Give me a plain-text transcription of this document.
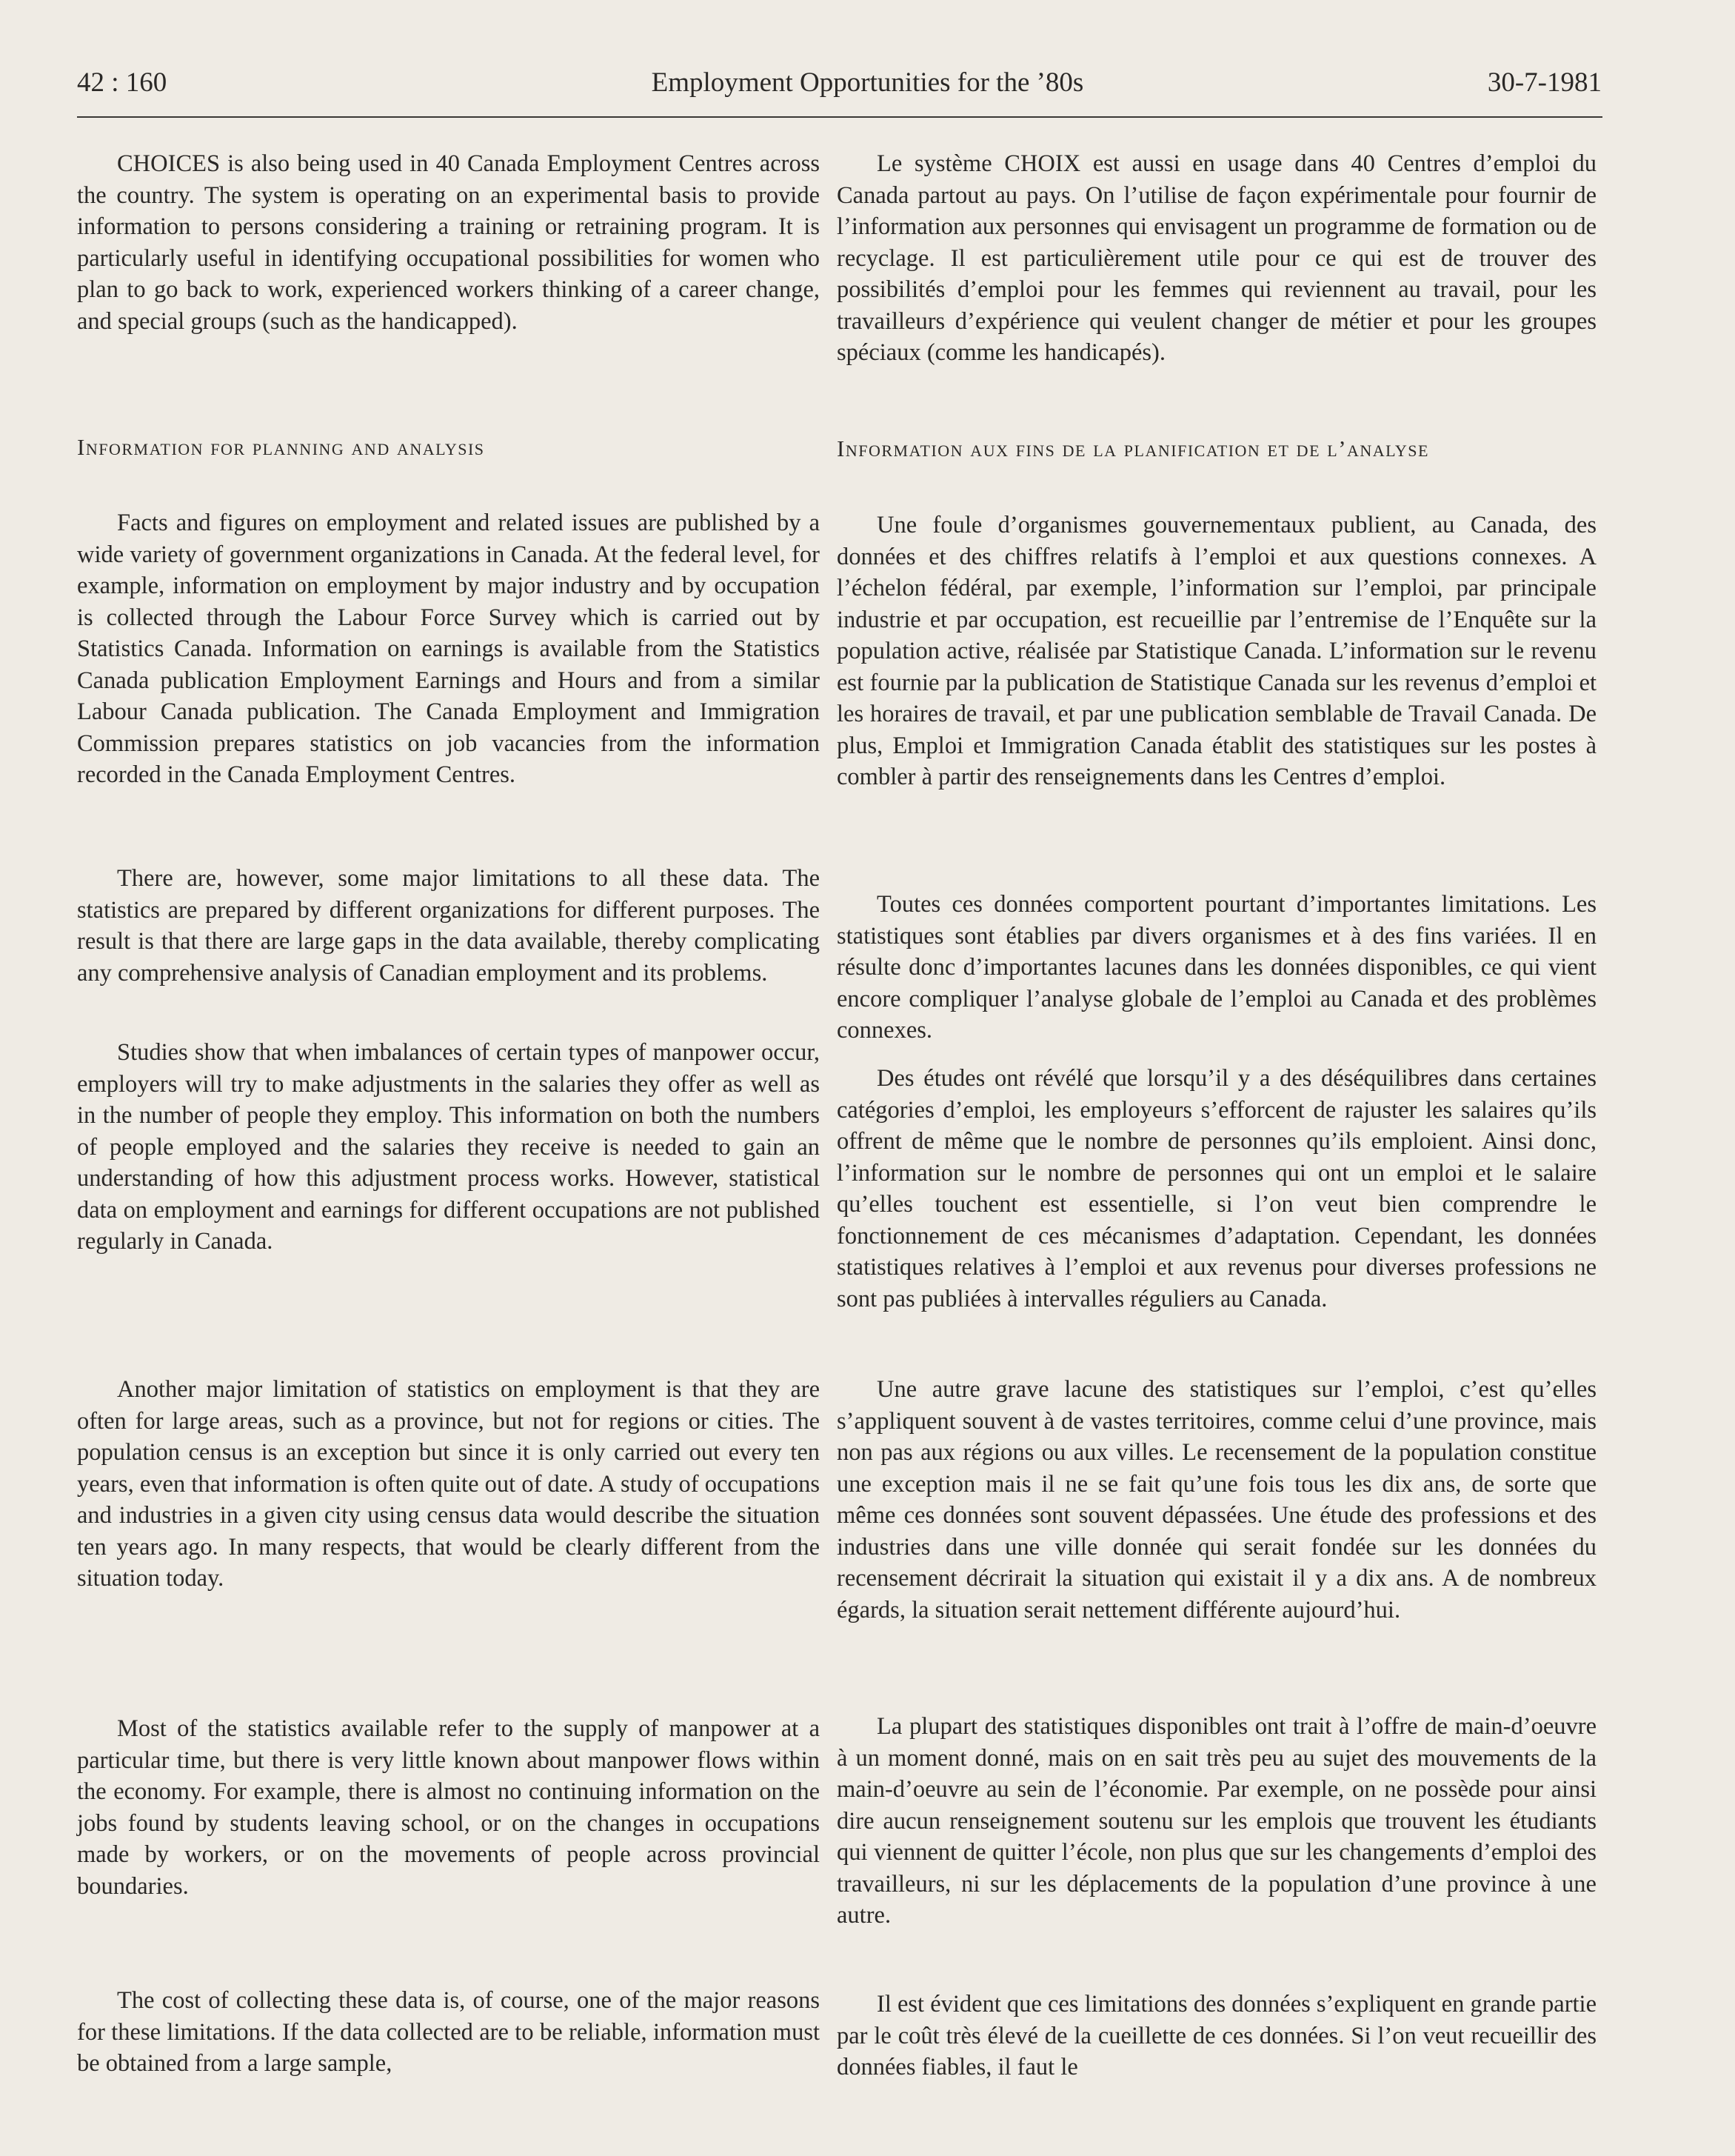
Employment Opportunities for the ’80s
42 : 160	30-7-1981
CHOICES is also being used in 40 Canada Employment Centres across the country. The system is operating on an experimental basis to provide information to persons considering a training or retraining program. It is particularly useful in identifying occupational possibilities for women who plan to go back to work, experienced workers thinking of a career change, and special groups (such as the handicapped).
Information for planning and analysis
Facts and figures on employment and related issues are published by a wide variety of government organizations in Canada. At the federal level, for example, information on employment by major industry and by occupation is collected through the Labour Force Survey which is carried out by Statistics Canada. Information on earnings is available from the Statistics Canada publication Employment Earnings and Hours and from a similar Labour Canada publication. The Canada Employment and Immigration Commission prepares statistics on job vacancies from the information recorded in the Canada Employment Centres.
There are, however, some major limitations to all these data. The statistics are prepared by different organizations for different purposes. The result is that there are large gaps in the data available, thereby complicating any comprehensive analysis of Canadian employment and its problems.
Studies show that when imbalances of certain types of manpower occur, employers will try to make adjustments in the salaries they offer as well as in the number of people they employ. This information on both the numbers of people employed and the salaries they receive is needed to gain an understanding of how this adjustment process works. However, statistical data on employment and earnings for different occupations are not published regularly in Canada.
Another major limitation of statistics on employment is that they are often for large areas, such as a province, but not for regions or cities. The population census is an exception but since it is only carried out every ten years, even that information is often quite out of date. A study of occupations and industries in a given city using census data would describe the situation ten years ago. In many respects, that would be clearly different from the situation today.
Most of the statistics available refer to the supply of manpower at a particular time, but there is very little known about manpower flows within the economy. For example, there is almost no continuing information on the jobs found by students leaving school, or on the changes in occupations made by workers, or on the movements of people across provincial boundaries.
The cost of collecting these data is, of course, one of the major reasons for these limitations. If the data collected are to be reliable, information must be obtained from a large sample,
Le système CHOIX est aussi en usage dans 40 Centres d’emploi du Canada partout au pays. On l’utilise de façon expérimentale pour fournir de l’information aux personnes qui envisagent un programme de formation ou de recyclage. Il est particulièrement utile pour ce qui est de trouver des possibilités d’emploi pour les femmes qui reviennent au travail, pour les travailleurs d’expérience qui veulent changer de métier et pour les groupes spéciaux (comme les handicapés).
Information aux fins de la planification et de l’analyse
Une foule d’organismes gouvernementaux publient, au Canada, des données et des chiffres relatifs à l’emploi et aux questions connexes. A l’échelon fédéral, par exemple, l’information sur l’emploi, par principale industrie et par occupation, est recueillie par l’entremise de l’Enquête sur la population active, réalisée par Statistique Canada. L’information sur le revenu est fournie par la publication de Statistique Canada sur les revenus d’emploi et les horaires de travail, et par une publication semblable de Travail Canada. De plus, Emploi et Immigration Canada établit des statistiques sur les postes à combler à partir des renseignements dans les Centres d’emploi.
Toutes ces données comportent pourtant d’importantes limitations. Les statistiques sont établies par divers organismes et à des fins variées. Il en résulte donc d’importantes lacunes dans les données disponibles, ce qui vient encore compliquer l’analyse globale de l’emploi au Canada et des problèmes connexes.
Des études ont révélé que lorsqu’il y a des déséquilibres dans certaines catégories d’emploi, les employeurs s’efforcent de rajuster les salaires qu’ils offrent de même que le nombre de personnes qu’ils emploient. Ainsi donc, l’information sur le nombre de personnes qui ont un emploi et le salaire qu’elles touchent est essentielle, si l’on veut bien comprendre le fonctionnement de ces mécanismes d’adaptation. Cependant, les données statistiques relatives à l’emploi et aux revenus pour diverses professions ne sont pas publiées à intervalles réguliers au Canada.
Une autre grave lacune des statistiques sur l’emploi, c’est qu’elles s’appliquent souvent à de vastes territoires, comme celui d’une province, mais non pas aux régions ou aux villes. Le recensement de la population constitue une exception mais il ne se fait qu’une fois tous les dix ans, de sorte que même ces données sont souvent dépassées. Une étude des professions et des industries dans une ville donnée qui serait fondée sur les données du recensement décrirait la situation qui existait il y a dix ans. A de nombreux égards, la situation serait nettement différente aujourd’hui.
La plupart des statistiques disponibles ont trait à l’offre de main-d’oeuvre à un moment donné, mais on en sait très peu au sujet des mouvements de la main-d’oeuvre au sein de l’économie. Par exemple, on ne possède pour ainsi dire aucun renseignement soutenu sur les emplois que trouvent les étudiants qui viennent de quitter l’école, non plus que sur les changements d’emploi des travailleurs, ni sur les déplacements de la population d’une province à une autre.
Il est évident que ces limitations des données s’expliquent en grande partie par le coût très élevé de la cueillette de ces données. Si l’on veut recueillir des données fiables, il faut le
